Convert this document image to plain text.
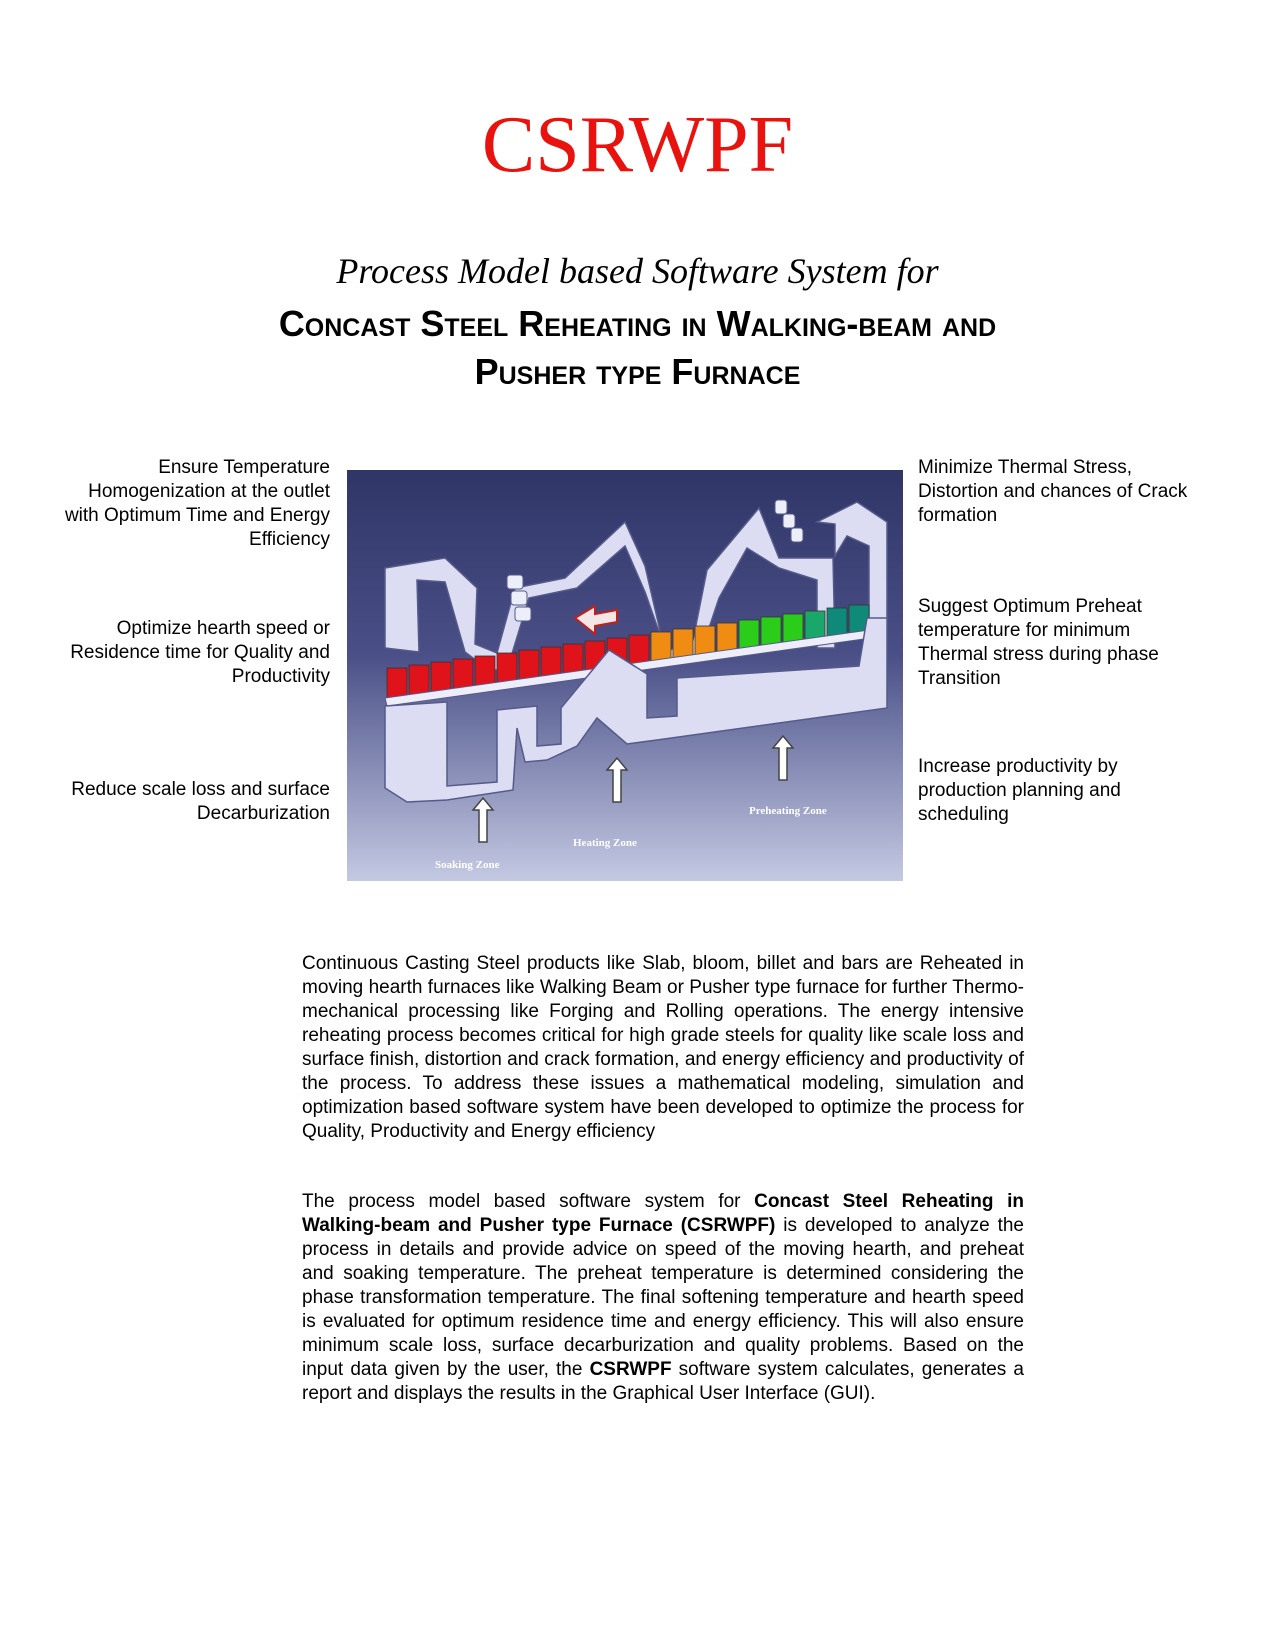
CSRWPF
Process Model based Software System for
Concast Steel Reheating in Walking-beam and
Pusher type Furnace
Ensure Temperature Homogenization at the outlet with Optimum Time and Energy Efficiency
Optimize hearth speed or Residence time for Quality and Productivity
Reduce scale loss and surface Decarburization
Minimize Thermal Stress, Distortion and chances of Crack formation
Suggest Optimum Preheat temperature for minimum Thermal stress during phase Transition
Increase productivity by production planning and scheduling
Soaking Zone
Heating Zone
Preheating Zone
Continuous Casting Steel products like Slab, bloom, billet and bars are Reheated in moving hearth furnaces like Walking Beam or Pusher type furnace for further Thermo-mechanical processing like Forging and Rolling operations. The energy intensive reheating process becomes critical for high grade steels for quality like scale loss and surface finish, distortion and crack formation, and energy efficiency and productivity of the process. To address these issues a mathematical modeling, simulation and optimization based software system have been developed to optimize the process for Quality, Productivity and Energy efficiency
The process model based software system for Concast Steel Reheating in Walking-beam and Pusher type Furnace (CSRWPF) is developed to analyze the process in details and provide advice on speed of the moving hearth, and preheat and soaking temperature. The preheat temperature is determined considering the phase transformation temperature. The final softening temperature and hearth speed is evaluated for optimum residence time and energy efficiency. This will also ensure minimum scale loss, surface decarburization and quality problems. Based on the input data given by the user, the CSRWPF software system calculates, generates a report and displays the results in the Graphical User Interface (GUI).
